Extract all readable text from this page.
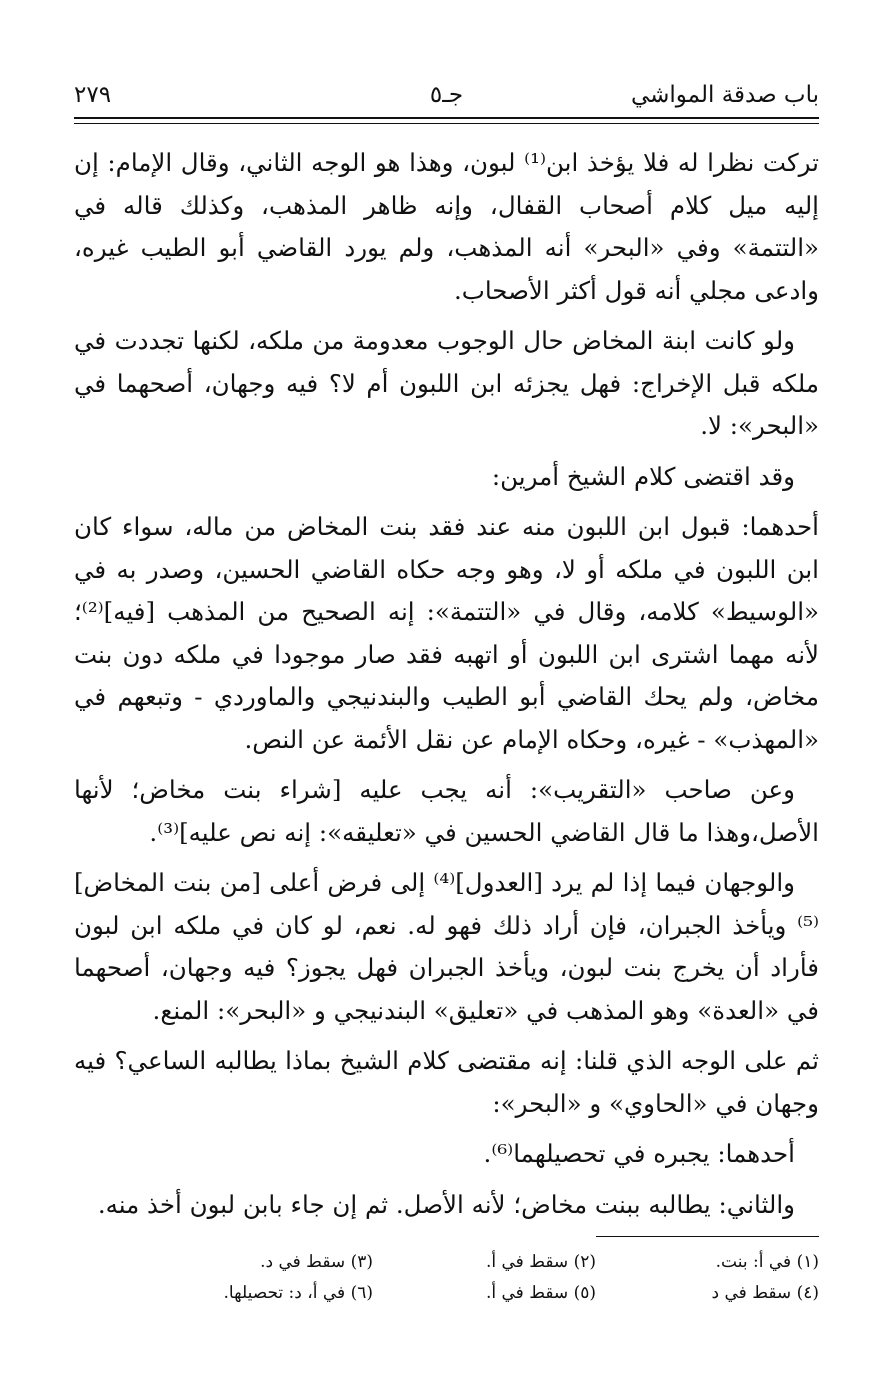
باب صدقة المواشي
جـ٥
٢٧٩

تركت نظرا له فلا يؤخذ ابن⁽¹⁾ لبون، وهذا هو الوجه الثاني، وقال الإمام: إن إليه ميل كلام أصحاب القفال، وإنه ظاهر المذهب، وكذلك قاله في «التتمة» وفي «البحر» أنه المذهب، ولم يورد القاضي أبو الطيب غيره، وادعى مجلي أنه قول أكثر الأصحاب.

ولو كانت ابنة المخاض حال الوجوب معدومة من ملكه، لكنها تجددت في ملكه قبل الإخراج: فهل يجزئه ابن اللبون أم لا؟ فيه وجهان، أصحهما في «البحر»: لا.

وقد اقتضى كلام الشيخ أمرين:

أحدهما: قبول ابن اللبون منه عند فقد بنت المخاض من ماله، سواء كان ابن اللبون في ملكه أو لا، وهو وجه حكاه القاضي الحسين، وصدر به في «الوسيط» كلامه، وقال في «التتمة»: إنه الصحيح من المذهب [فيه]⁽²⁾؛ لأنه مهما اشترى ابن اللبون أو اتهبه فقد صار موجودا في ملكه دون بنت مخاض، ولم يحك القاضي أبو الطيب والبندنيجي والماوردي - وتبعهم في «المهذب» - غيره، وحكاه الإمام عن نقل الأئمة عن النص.

وعن صاحب «التقريب»: أنه يجب عليه [شراء بنت مخاض؛ لأنها الأصل،وهذا ما قال القاضي الحسين في «تعليقه»: إنه نص عليه]⁽³⁾.

والوجهان فيما إذا لم يرد [العدول]⁽⁴⁾ إلى فرض أعلى [من بنت المخاض]⁽⁵⁾ ويأخذ الجبران، فإن أراد ذلك فهو له. نعم، لو كان في ملكه ابن لبون فأراد أن يخرج بنت لبون، ويأخذ الجبران فهل يجوز؟ فيه وجهان، أصحهما في «العدة» وهو المذهب في «تعليق» البندنيجي و «البحر»: المنع.

ثم على الوجه الذي قلنا: إنه مقتضى كلام الشيخ بماذا يطالبه الساعي؟ فيه وجهان في «الحاوي» و «البحر»:

أحدهما: يجبره في تحصيلهما⁽⁶⁾.

والثاني: يطالبه ببنت مخاض؛ لأنه الأصل. ثم إن جاء بابن لبون أخذ منه.

(١) في أ: بنت.
(٢) سقط في أ.
(٣) سقط في د.
(٤) سقط في د
(٥) سقط في أ.
(٦) في أ، د: تحصيلها.
